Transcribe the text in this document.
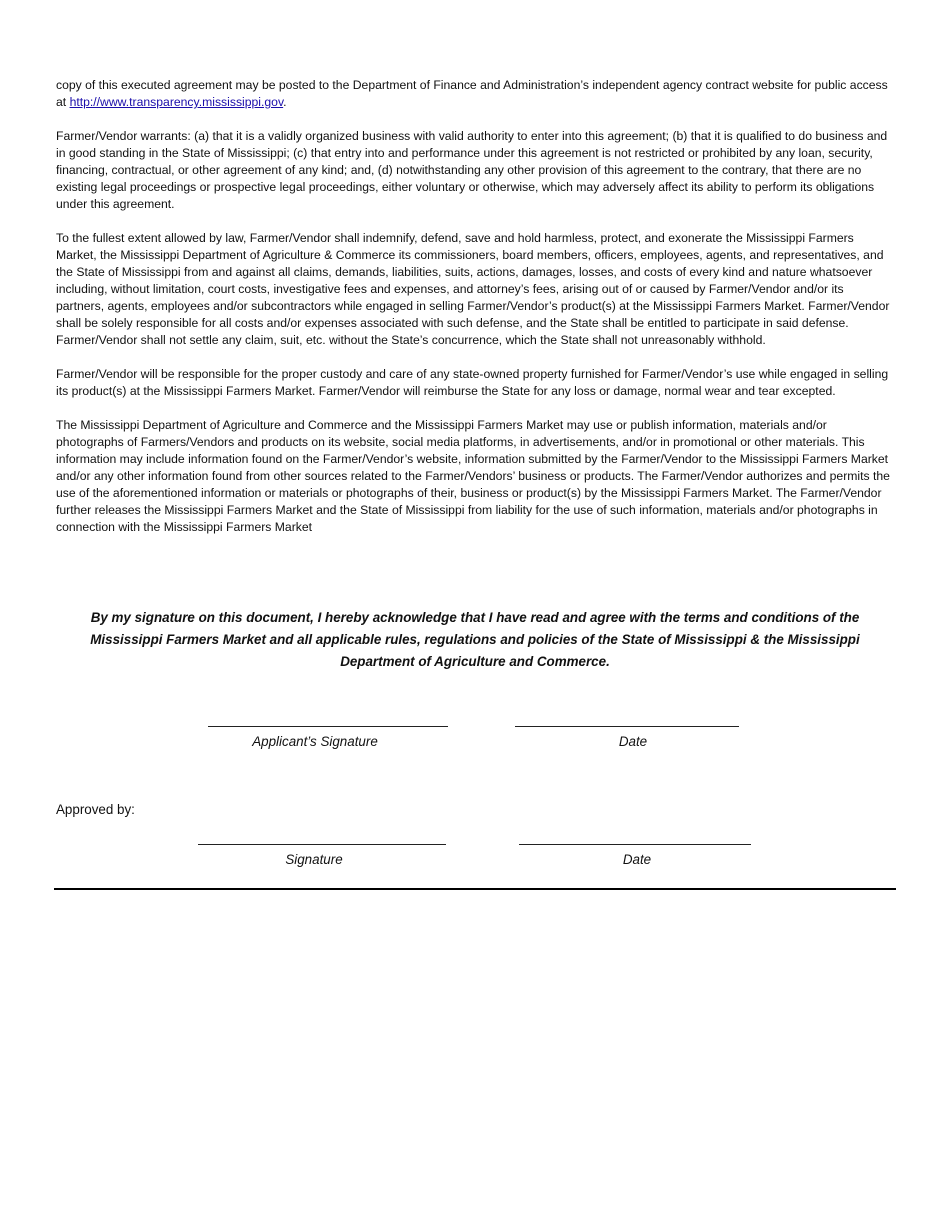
copy of this executed agreement may be posted to the Department of Finance and Administration’s independent agency contract website for public access at http://www.transparency.mississippi.gov.

Farmer/Vendor warrants: (a) that it is a validly organized business with valid authority to enter into this agreement; (b) that it is qualified to do business and in good standing in the State of Mississippi; (c) that entry into and performance under this agreement is not restricted or prohibited by any loan, security, financing, contractual, or other agreement of any kind; and, (d) notwithstanding any other provision of this agreement to the contrary, that there are no existing legal proceedings or prospective legal proceedings, either voluntary or otherwise, which may adversely affect its ability to perform its obligations under this agreement.

To the fullest extent allowed by law, Farmer/Vendor shall indemnify, defend, save and hold harmless, protect, and exonerate the Mississippi Farmers Market, the Mississippi Department of Agriculture & Commerce its commissioners, board members, officers, employees, agents, and representatives, and the State of Mississippi from and against all claims, demands, liabilities, suits, actions, damages, losses, and costs of every kind and nature whatsoever including, without limitation, court costs, investigative fees and expenses, and attorney’s fees, arising out of or caused by Farmer/Vendor and/or its partners, agents, employees and/or subcontractors while engaged in selling Farmer/Vendor’s product(s) at the Mississippi Farmers Market. Farmer/Vendor shall be solely responsible for all costs and/or expenses associated with such defense, and the State shall be entitled to participate in said defense. Farmer/Vendor shall not settle any claim, suit, etc. without the State’s concurrence, which the State shall not unreasonably withhold.

Farmer/Vendor will be responsible for the proper custody and care of any state-owned property furnished for Farmer/Vendor’s use while engaged in selling its product(s) at the Mississippi Farmers Market. Farmer/Vendor will reimburse the State for any loss or damage, normal wear and tear excepted.

The Mississippi Department of Agriculture and Commerce and the Mississippi Farmers Market may use or publish information, materials and/or photographs of Farmers/Vendors and products on its website, social media platforms, in advertisements, and/or in promotional or other materials. This information may include information found on the Farmer/Vendor’s website, information submitted by the Farmer/Vendor to the Mississippi Farmers Market and/or any other information found from other sources related to the Farmer/Vendors’ business or products. The Farmer/Vendor authorizes and permits the use of the aforementioned information or materials or photographs of their, business or product(s) by the Mississippi Farmers Market. The Farmer/Vendor further releases the Mississippi Farmers Market and the State of Mississippi from liability for the use of such information, materials and/or photographs in connection with the Mississippi Farmers Market

By my signature on this document, I hereby acknowledge that I have read and agree with the terms and conditions of the Mississippi Farmers Market and all applicable rules, regulations and policies of the State of Mississippi & the Mississippi Department of Agriculture and Commerce.
Applicant’s Signature	Date
Approved by:
Signature	Date
